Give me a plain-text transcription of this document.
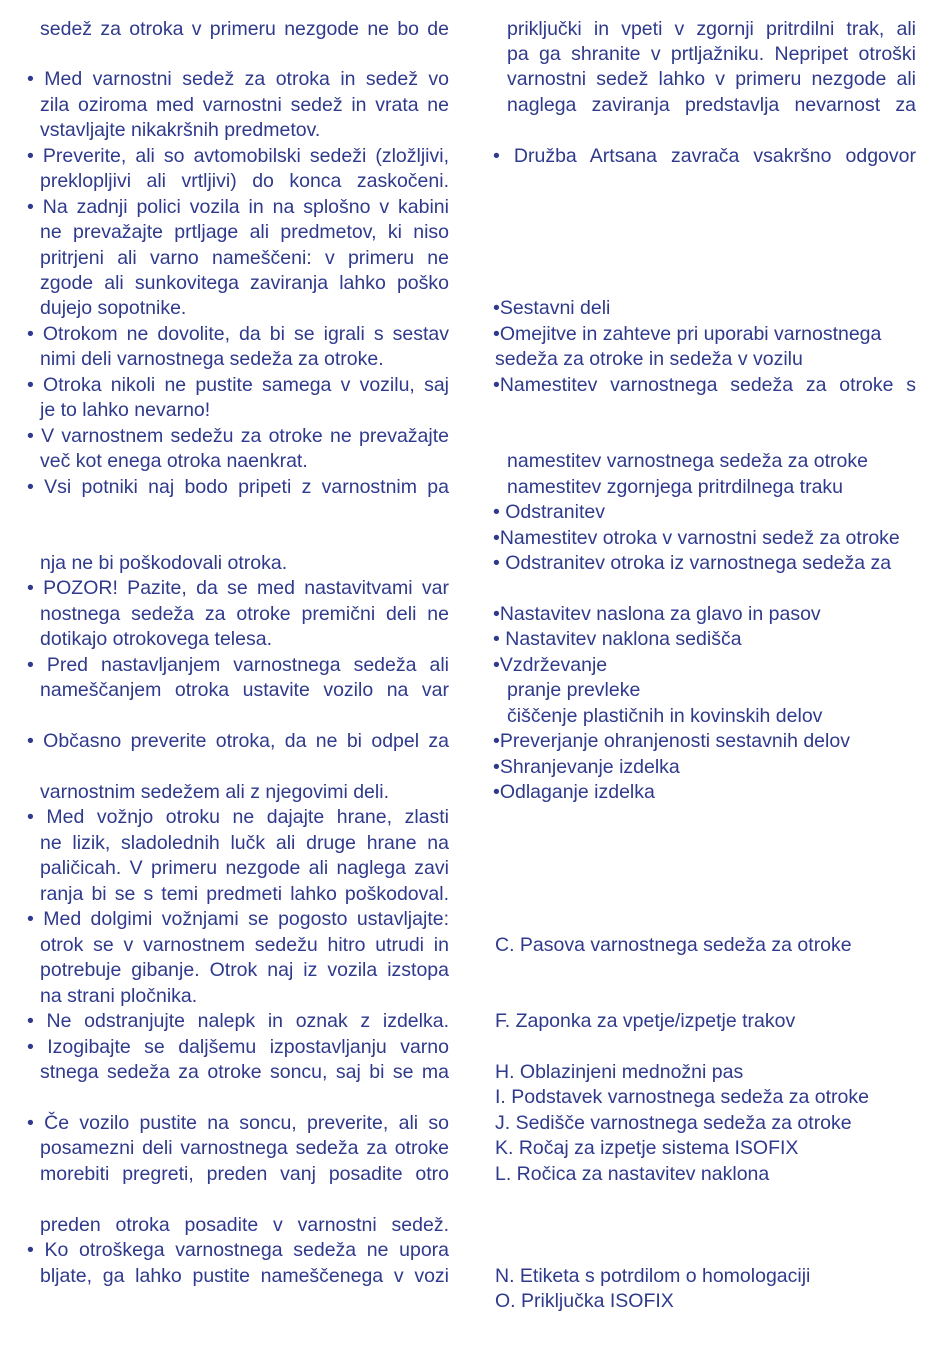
sedež za otroka v primeru nezgode ne bo de
• Med varnostni sedež za otroka in sedež vo
zila oziroma med varnostni sedež in vrata ne
vstavljajte nikakršnih predmetov.
• Preverite, ali so avtomobilski sedeži (zložljivi,
preklopljivi ali vrtljivi) do konca zaskočeni.
• Na zadnji polici vozila in na splošno v kabini
ne prevažajte prtljage ali predmetov, ki niso
pritrjeni ali varno nameščeni: v primeru ne
zgode ali sunkovitega zaviranja lahko poško
dujejo sopotnike.
• Otrokom ne dovolite, da bi se igrali s sestav
nimi deli varnostnega sedeža za otroke.
• Otroka nikoli ne pustite samega v vozilu, saj
je to lahko nevarno!
• V varnostnem sedežu za otroke ne prevažajte
več kot enega otroka naenkrat.
• Vsi potniki naj bodo pripeti z varnostnim pa
nja ne bi poškodovali otroka.
• POZOR! Pazite, da se med nastavitvami var
nostnega sedeža za otroke premični deli ne
dotikajo otrokovega telesa.
• Pred nastavljanjem varnostnega sedeža ali
nameščanjem otroka ustavite vozilo na var
• Občasno preverite otroka, da ne bi odpel za
varnostnim sedežem ali z njegovimi deli.
• Med vožnjo otroku ne dajajte hrane, zlasti
ne lizik, sladolednih lučk ali druge hrane na
paličicah. V primeru nezgode ali naglega zavi
ranja bi se s temi predmeti lahko poškodoval.
• Med dolgimi vožnjami se pogosto ustavljajte:
otrok se v varnostnem sedežu hitro utrudi in
potrebuje gibanje. Otrok naj iz vozila izstopa
na strani pločnika.
• Ne odstranjujte nalepk in oznak z izdelka.
• Izogibajte se daljšemu izpostavljanju varno
stnega sedeža za otroke soncu, saj bi se ma
• Če vozilo pustite na soncu, preverite, ali so
posamezni deli varnostnega sedeža za otroke
morebiti pregreti, preden vanj posadite otro
preden otroka posadite v varnostni sedež.
• Ko otroškega varnostnega sedeža ne upora
bljate, ga lahko pustite nameščenega v vozi
priključki in vpeti v zgornji pritrdilni trak, ali
pa ga shranite v prtljažniku. Nepripet otroški
varnostni sedež lahko v primeru nezgode ali
naglega zaviranja predstavlja nevarnost za
• Družba Artsana zavrača vsakršno odgovor
•Sestavni deli
•Omejitve in zahteve pri uporabi varnostnega
sedeža za otroke in sedeža v vozilu
•Namestitev varnostnega sedeža za otroke s
namestitev varnostnega sedeža za otroke
namestitev zgornjega pritrdilnega traku
• Odstranitev
•Namestitev otroka v varnostni sedež za otroke
• Odstranitev otroka iz varnostnega sedeža za
•Nastavitev naslona za glavo in pasov
• Nastavitev naklona sedišča
•Vzdrževanje
pranje prevleke
čiščenje plastičnih in kovinskih delov
•Preverjanje ohranjenosti sestavnih delov
•Shranjevanje izdelka
•Odlaganje izdelka
C. Pasova varnostnega sedeža za otroke
F. Zaponka za vpetje/izpetje trakov
H. Oblazinjeni mednožni pas
I. Podstavek varnostnega sedeža za otroke
J. Sedišče varnostnega sedeža za otroke
K. Ročaj za izpetje sistema ISOFIX
L. Ročica za nastavitev naklona
N. Etiketa s potrdilom o homologaciji
O. Priključka ISOFIX
